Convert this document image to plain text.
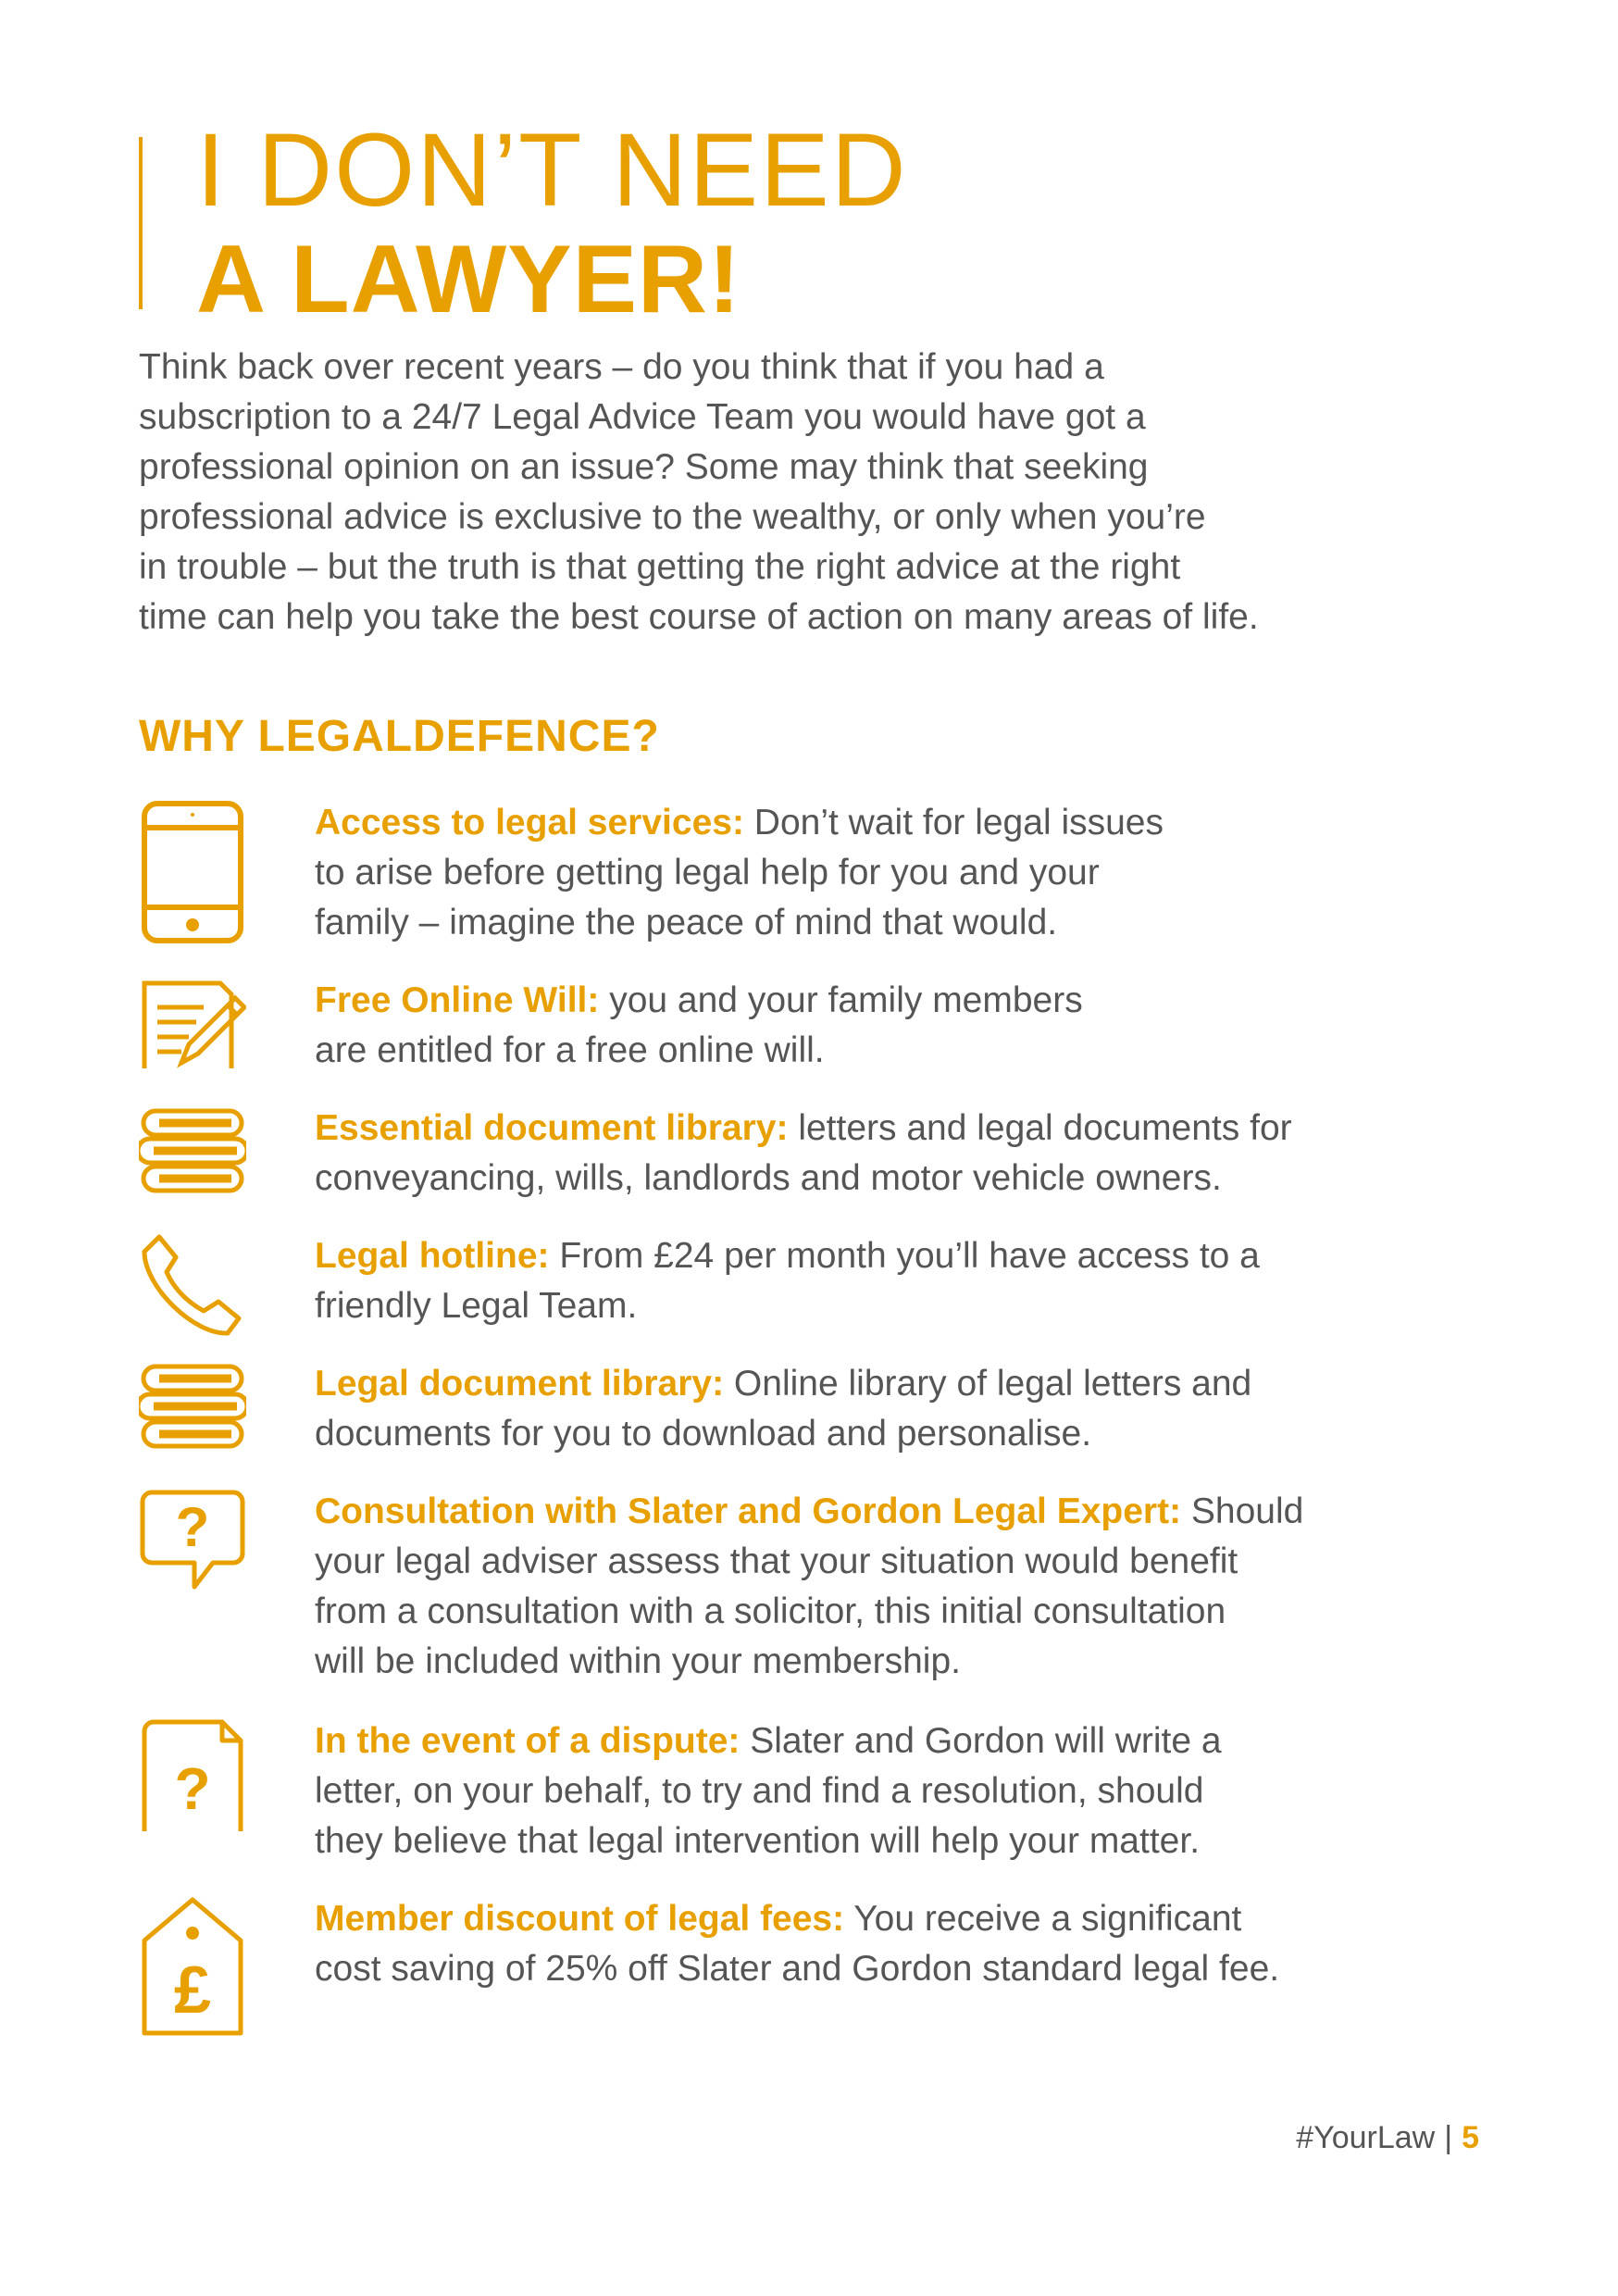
I DON’T NEED
A LAWYER!

Think back over recent years – do you think that if you had a
subscription to a 24/7 Legal Advice Team you would have got a
professional opinion on an issue? Some may think that seeking
professional advice is exclusive to the wealthy, or only when you’re
in trouble – but the truth is that getting the right advice at the right
time can help you take the best course of action on many areas of life.

WHY LEGALDEFENCE?

Access to legal services: Don’t wait for legal issues
to arise before getting legal help for you and your
family – imagine the peace of mind that would.

Free Online Will: you and your family members
are entitled for a free online will.

Essential document library: letters and legal documents for
conveyancing, wills, landlords and motor vehicle owners.

Legal hotline: From £24 per month you’ll have access to a
friendly Legal Team.

Legal document library: Online library of legal letters and
documents for you to download and personalise.

?	Consultation with Slater and Gordon Legal Expert: Should
your legal adviser assess that your situation would benefit
from a consultation with a solicitor, this initial consultation
will be included within your membership.

?

In the event of a dispute: Slater and Gordon will write a
letter, on your behalf, to try and find a resolution, should
they believe that legal intervention will help your matter.

£

Member discount of legal fees: You receive a significant
cost saving of 25% off Slater and Gordon standard legal fee.

#YourLaw | 5
